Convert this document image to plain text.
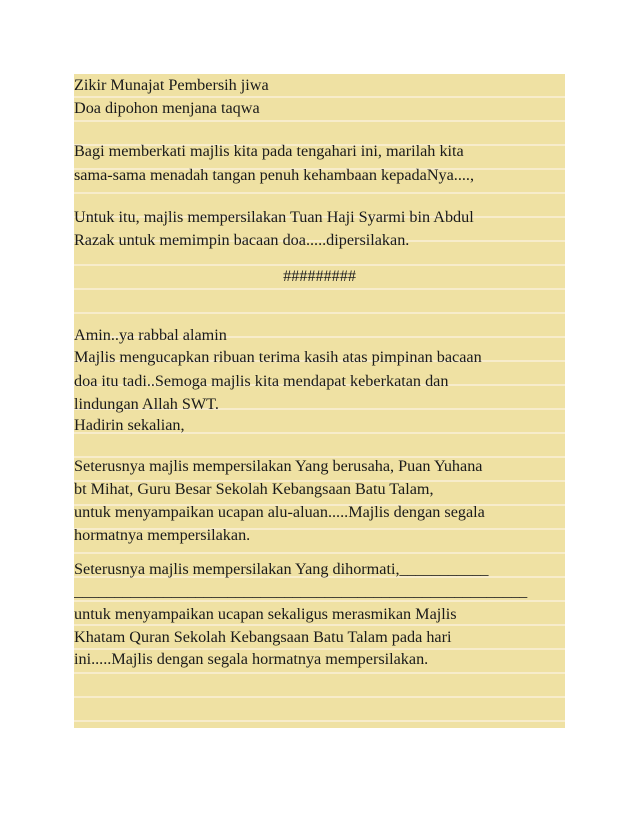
Zikir Munajat Pembersih jiwa
Doa dipohon menjana taqwa
Bagi memberkati majlis kita pada tengahari ini, marilah kita
sama-sama menadah tangan penuh kehambaan kepadaNya....,
Untuk itu, majlis mempersilakan Tuan Haji Syarmi bin Abdul
Razak untuk memimpin bacaan doa.....dipersilakan.
#########
Amin..ya rabbal alamin
Majlis mengucapkan ribuan terima kasih atas pimpinan bacaan
doa itu tadi..Semoga majlis kita mendapat keberkatan dan
lindungan Allah SWT.
Hadirin sekalian,
Seterusnya majlis mempersilakan Yang berusaha, Puan Yuhana
bt Mihat, Guru Besar Sekolah Kebangsaan Batu Talam,
untuk menyampaikan ucapan alu-aluan.....Majlis dengan segala
hormatnya mempersilakan.
Seterusnya majlis mempersilakan Yang dihormati,___________
________________________________________________________
untuk menyampaikan ucapan sekaligus merasmikan Majlis
Khatam Quran Sekolah Kebangsaan Batu Talam pada hari
ini.....Majlis dengan segala hormatnya mempersilakan.
